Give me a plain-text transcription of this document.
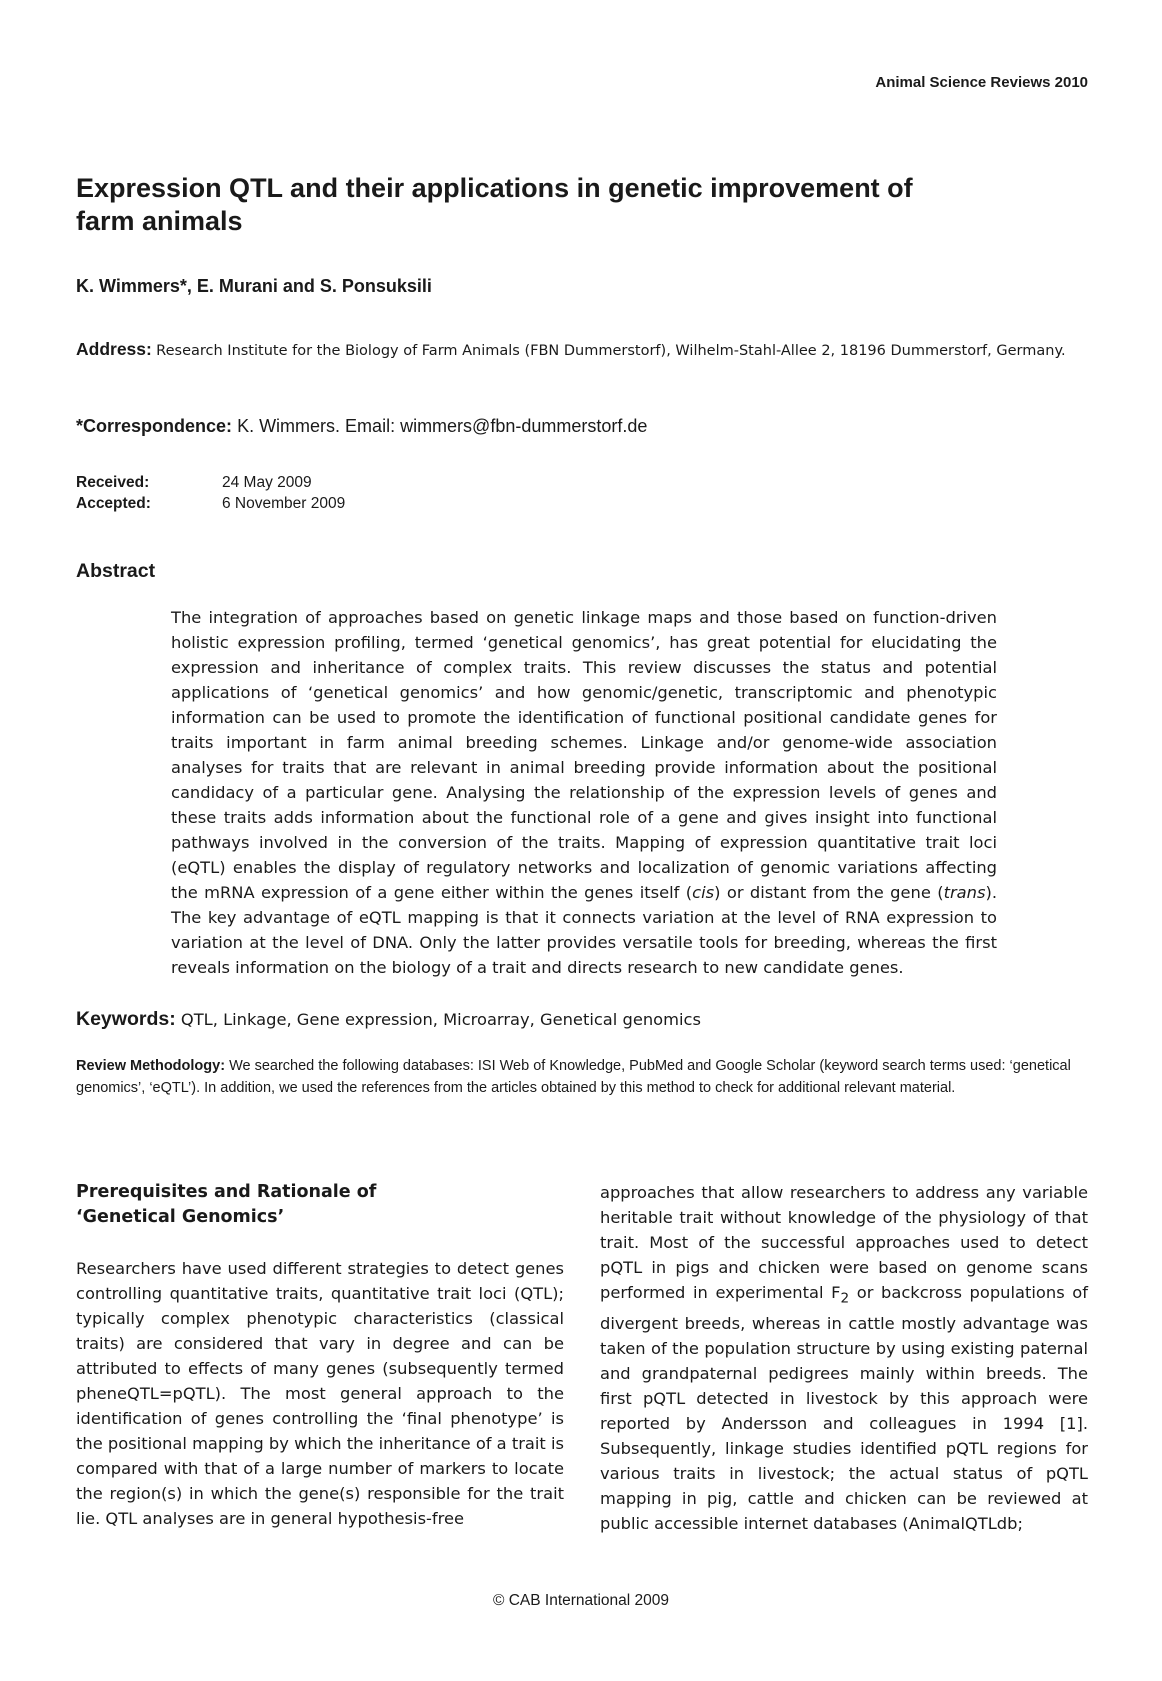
Animal Science Reviews 2010
Expression QTL and their applications in genetic improvement of farm animals
K. Wimmers*, E. Murani and S. Ponsuksili
Address: Research Institute for the Biology of Farm Animals (FBN Dummerstorf), Wilhelm-Stahl-Allee 2, 18196 Dummerstorf, Germany.
*Correspondence: K. Wimmers. Email: wimmers@fbn-dummerstorf.de
Received:	24 May 2009
Accepted:	6 November 2009
Abstract

The integration of approaches based on genetic linkage maps and those based on function-driven holistic expression profiling, termed ‘genetical genomics’, has great potential for elucidating the expression and inheritance of complex traits. This review discusses the status and potential applications of ‘genetical genomics’ and how genomic/genetic, transcriptomic and phenotypic information can be used to promote the identification of functional positional candidate genes for traits important in farm animal breeding schemes. Linkage and/or genome-wide association analyses for traits that are relevant in animal breeding provide information about the positional candidacy of a particular gene. Analysing the relationship of the expression levels of genes and these traits adds information about the functional role of a gene and gives insight into functional pathways involved in the conversion of the traits. Mapping of expression quantitative trait loci (eQTL) enables the display of regulatory networks and localization of genomic variations affecting the mRNA expression of a gene either within the genes itself (cis) or distant from the gene (trans). The key advantage of eQTL mapping is that it connects variation at the level of RNA expression to variation at the level of DNA. Only the latter provides versatile tools for breeding, whereas the first reveals information on the biology of a trait and directs research to new candidate genes.

Keywords: QTL, Linkage, Gene expression, Microarray, Genetical genomics

Review Methodology: We searched the following databases: ISI Web of Knowledge, PubMed and Google Scholar (keyword search terms used: ‘genetical genomics’, ‘eQTL’). In addition, we used the references from the articles obtained by this method to check for additional relevant material.

Prerequisites and Rationale of
‘Genetical Genomics’

Researchers have used different strategies to detect genes controlling quantitative traits, quantitative trait loci (QTL); typically complex phenotypic characteristics (classical traits) are considered that vary in degree and can be attributed to effects of many genes (subsequently termed pheneQTL=pQTL). The most general approach to the identification of genes controlling the ‘final phenotype’ is the positional mapping by which the inheritance of a trait is compared with that of a large number of markers to locate the region(s) in which the gene(s) responsible for the trait lie. QTL analyses are in general hypothesis-free

approaches that allow researchers to address any variable heritable trait without knowledge of the physiology of that trait. Most of the successful approaches used to detect pQTL in pigs and chicken were based on genome scans performed in experimental $F_2$ or backcross populations of divergent breeds, whereas in cattle mostly advantage was taken of the population structure by using existing paternal and grandpaternal pedigrees mainly within breeds. The first pQTL detected in livestock by this approach were reported by Andersson and colleagues in 1994 [1]. Subsequently, linkage studies identified pQTL regions for various traits in livestock; the actual status of pQTL mapping in pig, cattle and chicken can be reviewed at public accessible internet databases (AnimalQTLdb;

© CAB International 2009
